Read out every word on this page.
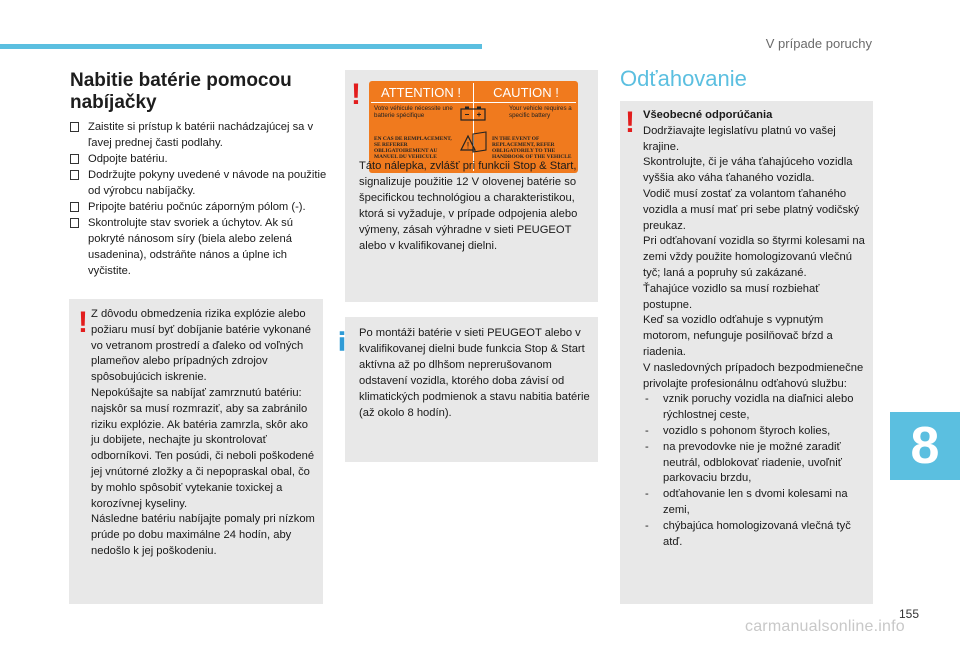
V prípade poruchy
8
155
carmanualsonline.info
Nabitie batérie pomocou nabíjačky

Zaistite si prístup k batérii nachádzajúcej sa v ľavej prednej časti podlahy.

Odpojte batériu.

Dodržujte pokyny uvedené v návode na použitie od výrobcu nabíjačky.

Pripojte batériu počnúc záporným pólom (-).

Skontrolujte stav svoriek a úchytov. Ak sú pokryté nánosom síry (biela alebo zelená usadenina), odstráňte nános a úplne ich vyčistite.

! Z dôvodu obmedzenia rizika explózie alebo požiaru musí byť dobíjanie batérie vykonané vo vetranom prostredí a ďaleko od voľných plameňov alebo prípadných zdrojov spôsobujúcich iskrenie.
Nepokúšajte sa nabíjať zamrznutú batériu: najskôr sa musí rozmraziť, aby sa zabránilo riziku explózie. Ak batéria zamrzla, skôr ako ju dobijete, nechajte ju skontrolovať odborníkovi. Ten posúdi, či neboli poškodené jej vnútorné zložky a či nepopraskal obal, čo by mohlo spôsobiť vytekanie toxickej a korozívnej kyseliny.
Následne batériu nabíjajte pomaly pri nízkom prúde po dobu maximálne 24 hodín, aby nedošlo k jej poškodeniu.
!	ATTENTION !	CAUTION !
Votre véhicule nécessite une batterie spécifique
Your vehicle requires a specific battery
!
EN CAS DE REMPLACEMENT, SE REFERER OBLIGATOIREMENT AU MANUEL DU VEHICULE
IN THE EVENT OF REPLACEMENT, REFER OBLIGATORILY TO THE HANDBOOK OF THE VEHICLE
Táto nálepka, zvlášť pri funkcii Stop & Start, signalizuje použitie 12 V olovenej batérie so špecifickou technológiou a charakteristikou, ktorá si vyžaduje, v prípade odpojenia alebo výmeny, zásah výhradne v sieti PEUGEOT alebo v kvalifikovanej dielni.
Po montáži batérie v sieti PEUGEOT alebo v kvalifikovanej dielni bude funkcia Stop & Start aktívna až po dlhšom neprerušovanom odstavení vozidla, ktorého doba závisí od klimatických podmienok a stavu nabitia batérie (až okolo 8 hodín).
Odťahovanie
! Všeobecné odporúčania

Dodržiavajte legislatívu platnú vo vašej krajine.
Skontrolujte, či je váha ťahajúceho vozidla vyššia ako váha ťahaného vozidla.
Vodič musí zostať za volantom ťahaného vozidla a musí mať pri sebe platný vodičský preukaz.
Pri odťahovaní vozidla so štyrmi kolesami na zemi vždy použite homologizovanú vlečnú tyč; laná a popruhy sú zakázané.
Ťahajúce vozidlo sa musí rozbiehať postupne.
Keď sa vozidlo odťahuje s vypnutým motorom, nefunguje posilňovač bŕzd a riadenia.
V nasledovných prípadoch bezpodmienečne privolajte profesionálnu odťahovú službu:

- vznik poruchy vozidla na diaľnici alebo rýchlostnej ceste,

- vozidlo s pohonom štyroch kolies,

- na prevodovke nie je možné zaradiť neutrál, odblokovať riadenie, uvoľniť parkovaciu brzdu,

- odťahovanie len s dvomi kolesami na zemi,

- chýbajúca homologizovaná vlečná tyč atď.
